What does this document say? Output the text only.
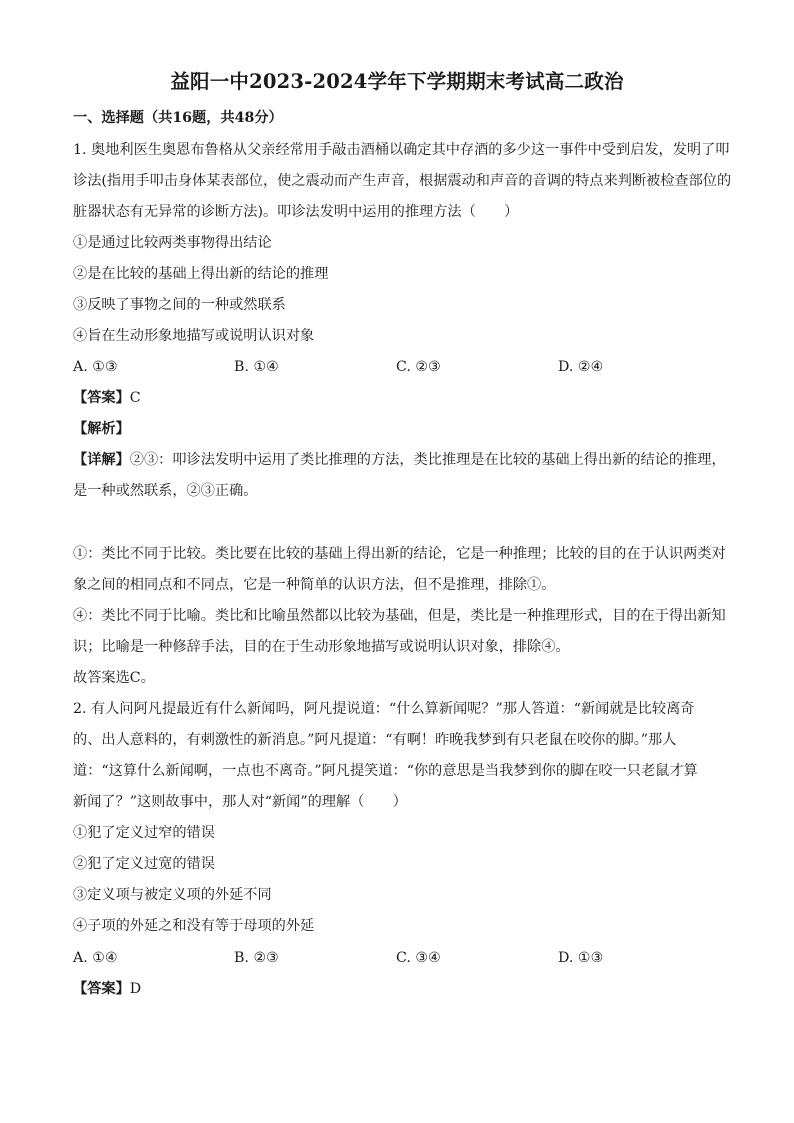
益阳一中2023-2024学年下学期期末考试高二政治
一、选择题（共16题，共48分）
1. 奥地利医生奥恩布鲁格从父亲经常用手敲击酒桶以确定其中存酒的多少这一事件中受到启发，发明了叩
诊法(指用手叩击身体某表部位，使之震动而产生声音，根据震动和声音的音调的特点来判断被检查部位的
脏器状态有无异常的诊断方法)。叩诊法发明中运用的推理方法（　　）
①是通过比较两类事物得出结论
②是在比较的基础上得出新的结论的推理
③反映了事物之间的一种或然联系
④旨在生动形象地描写或说明认识对象
A. ①③	B. ①④	C. ②③	D. ②④
【答案】C
【解析】
【详解】②③：叩诊法发明中运用了类比推理的方法，类比推理是在比较的基础上得出新的结论的推理，
是一种或然联系，②③正确。
①：类比不同于比较。类比要在比较的基础上得出新的结论，它是一种推理；比较的目的在于认识两类对
象之间的相同点和不同点，它是一种简单的认识方法，但不是推理，排除①。
④：类比不同于比喻。类比和比喻虽然都以比较为基础，但是，类比是一种推理形式，目的在于得出新知
识；比喻是一种修辞手法，目的在于生动形象地描写或说明认识对象，排除④。
故答案选C。
2. 有人问阿凡提最近有什么新闻吗，阿凡提说道：“什么算新闻呢？”那人答道：“新闻就是比较离奇
的、出人意料的，有刺激性的新消息。”阿凡提道：“有啊！昨晚我梦到有只老鼠在咬你的脚。”那人
道：“这算什么新闻啊，一点也不离奇。”阿凡提笑道：“你的意思是当我梦到你的脚在咬一只老鼠才算
新闻了？”这则故事中，那人对“新闻”的理解（　　）
①犯了定义过窄的错误
②犯了定义过宽的错误
③定义项与被定义项的外延不同
④子项的外延之和没有等于母项的外延
A. ①④	B. ②③	C. ③④	D. ①③
【答案】D
